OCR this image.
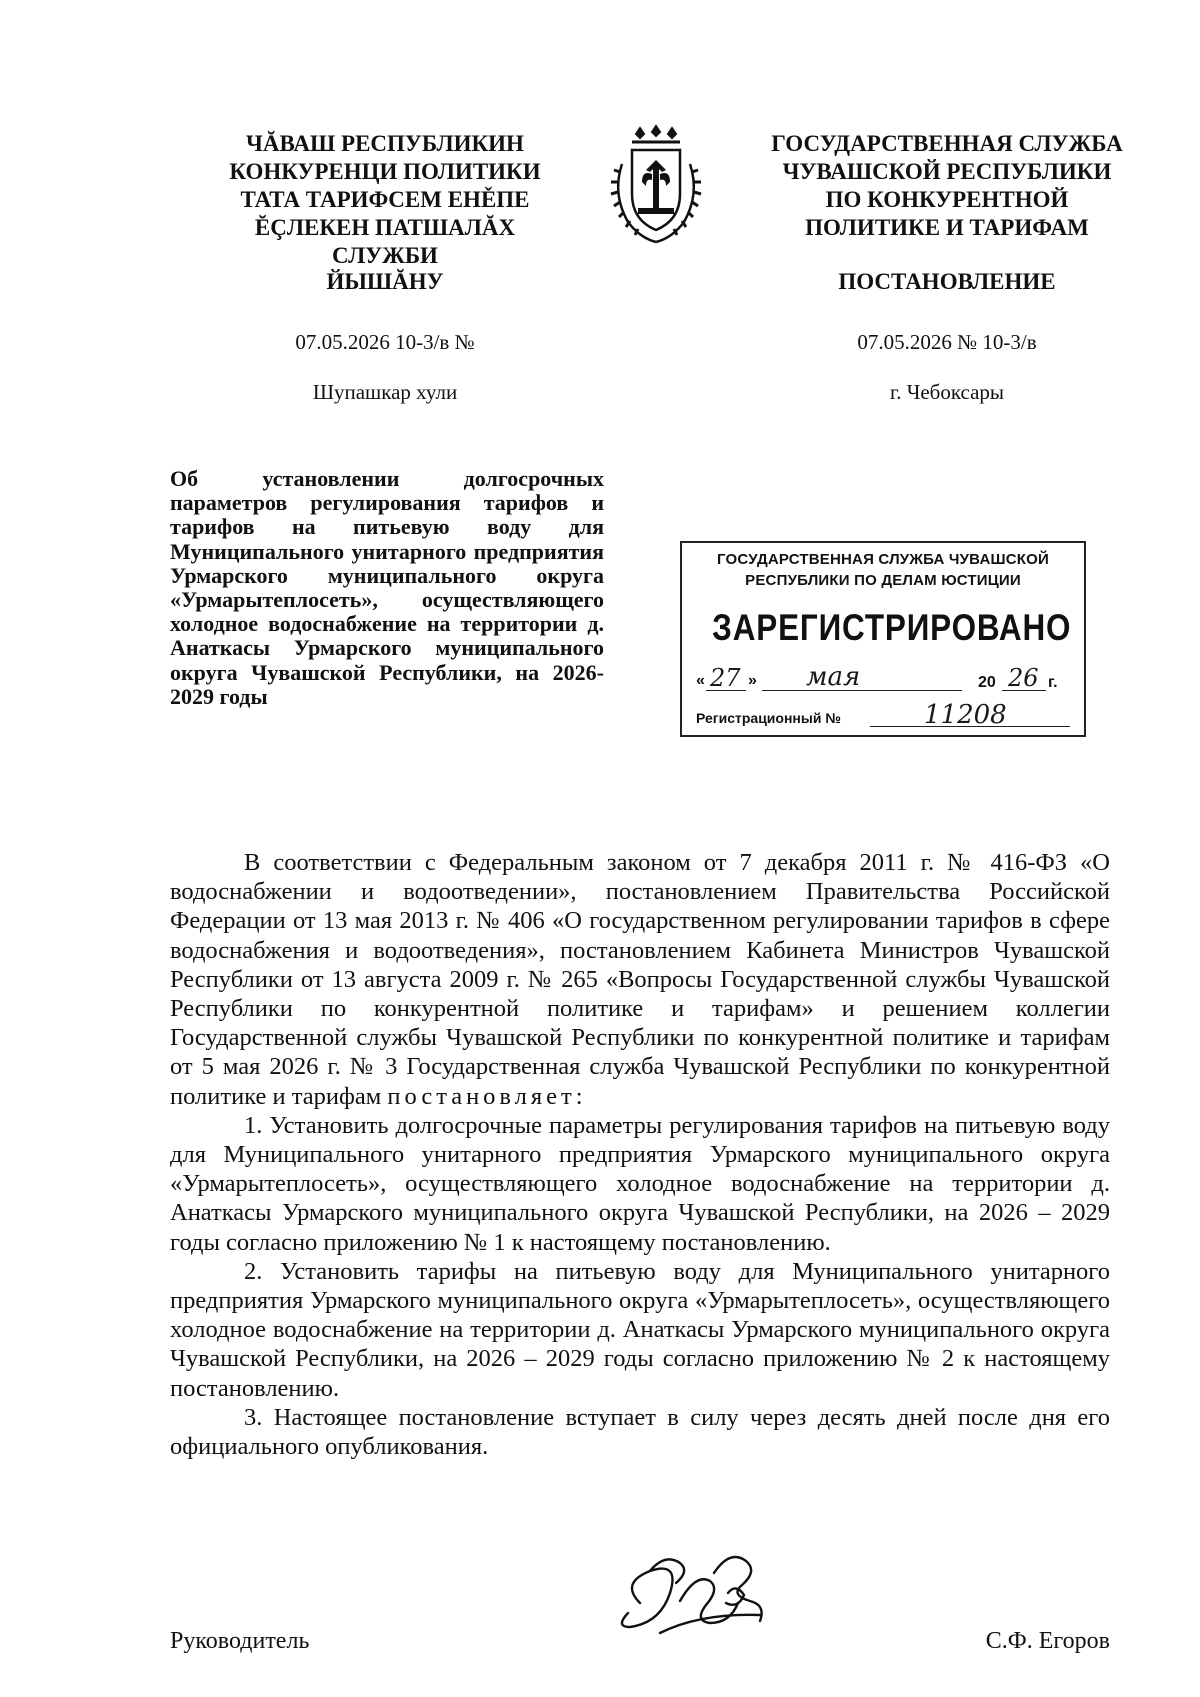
ЧĂВАШ РЕСПУБЛИКИН
КОНКУРЕНЦИ ПОЛИТИКИ
ТАТА ТАРИФСЕМ ЕНĚПЕ
ĔÇЛЕКЕН ПАТШАЛĂХ СЛУЖБИ
ГОСУДАРСТВЕННАЯ СЛУЖБА
ЧУВАШСКОЙ РЕСПУБЛИКИ
ПО КОНКУРЕНТНОЙ
ПОЛИТИКЕ И ТАРИФАМ
ЙЫШĂНУ	ПОСТАНОВЛЕНИЕ
07.05.2026 10-3/в №	07.05.2026 № 10-3/в
Шупашкар хули	г. Чебоксары
Об установлении долгосрочных параметров регулирования тарифов и тарифов на питьевую воду для Муниципального унитарного предприятия Урмарского муниципального округа «Урмарытеплосеть», осуществляющего холодное водоснабжение на территории д. Анаткасы Урмарского муниципального округа Чувашской Республики, на 2026-2029 годы
ГОСУДАРСТВЕННАЯ СЛУЖБА ЧУВАШСКОЙ
РЕСПУБЛИКИ ПО ДЕЛАМ ЮСТИЦИИ
ЗАРЕГИСТРИРОВАНО
« 27 » мая	20 26 г.
Регистрационный №	11208

В соответствии с Федеральным законом от 7 декабря 2011 г. № 416-ФЗ «О водоснабжении и водоотведении», постановлением Правительства Российской Федерации от 13 мая 2013 г. № 406 «О государственном регулировании тарифов в сфере водоснабжения и водоотведения», постановлением Кабинета Министров Чувашской Республики от 13 августа 2009 г. № 265 «Вопросы Государственной службы Чувашской Республики по конкурентной политике и тарифам» и решением коллегии Государственной службы Чувашской Республики по конкурентной политике и тарифам от 5 мая 2026 г. № 3 Государственная служба Чувашской Республики по конкурентной политике и тарифам постановляет:

1. Установить долгосрочные параметры регулирования тарифов на питьевую воду для Муниципального унитарного предприятия Урмарского муниципального округа «Урмарытеплосеть», осуществляющего холодное водоснабжение на территории д. Анаткасы Урмарского муниципального округа Чувашской Республики, на 2026 – 2029 годы согласно приложению № 1 к настоящему постановлению.

2. Установить тарифы на питьевую воду для Муниципального унитарного предприятия Урмарского муниципального округа «Урмарытеплосеть», осуществляющего холодное водоснабжение на территории д. Анаткасы Урмарского муниципального округа Чувашской Республики, на 2026 – 2029 годы согласно приложению № 2 к настоящему постановлению.

3. Настоящее постановление вступает в силу через десять дней после дня его официального опубликования.

Руководитель	С.Ф. Егоров
